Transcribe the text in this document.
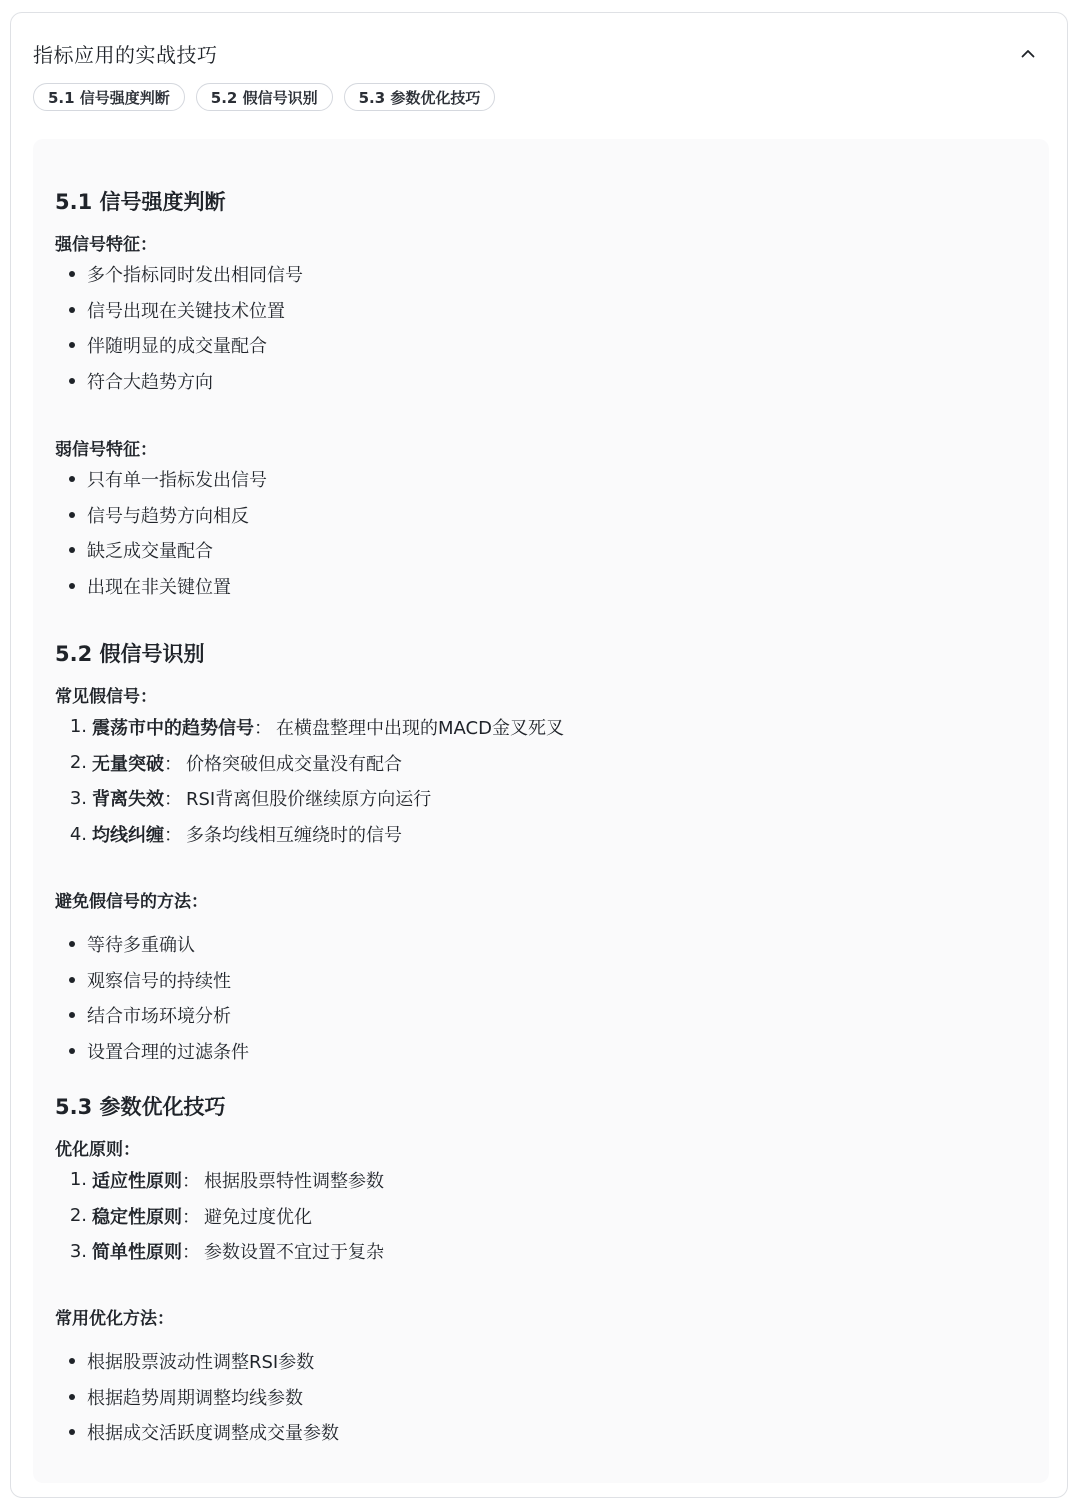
指标应用的实战技巧
5.1 信号强度判断	5.2 假信号识别	5.3 参数优化技巧
5.1 信号强度判断
强信号特征：
多个指标同时发出相同信号
信号出现在关键技术位置
伴随明显的成交量配合
符合大趋势方向
弱信号特征：
只有单一指标发出信号
信号与趋势方向相反
缺乏成交量配合
出现在非关键位置
5.2 假信号识别
常见假信号：
1. 震荡市中的趋势信号 ： 在横盘整理中出现的MACD金叉死叉
2. 无量突破 ： 价格突破但成交量没有配合
3. 背离失效 ： RSI背离但股价继续原方向运行
4. 均线纠缠 ： 多条均线相互缠绕时的信号
避免假信号的方法：
等待多重确认
观察信号的持续性
结合市场环境分析
设置合理的过滤条件
5.3 参数优化技巧
优化原则：
1. 适应性原则 ： 根据股票特性调整参数
2. 稳定性原则 ： 避免过度优化
3. 简单性原则 ： 参数设置不宜过于复杂
常用优化方法：
根据股票波动性调整RSI参数
根据趋势周期调整均线参数
根据成交活跃度调整成交量参数
